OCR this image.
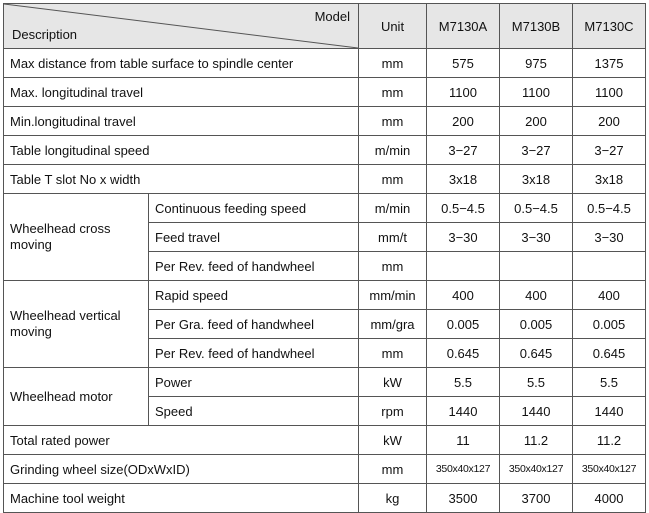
Model
Description		Unit	M7130A	M7130B	M7130C
Max distance from table surface to spindle center		mm	575	975	1375
Max. longitudinal travel		mm	1100	1100	1100
Min.longitudinal travel		mm	200	200	200
Table longitudinal speed		m/min	3−27	3−27	3−27
Table T slot No x width		mm	3x18	3x18	3x18
Wheelhead cross moving	Continuous feeding speed	m/min	0.5−4.5	0.5−4.5	0.5−4.5
	Feed travel	mm/t	3−30	3−30	3−30
	Per Rev. feed of handwheel	mm			
Wheelhead vertical moving	Rapid speed	mm/min	400	400	400
	Per Gra. feed of handwheel	mm/gra	0.005	0.005	0.005
	Per Rev. feed of handwheel	mm	0.645	0.645	0.645
Wheelhead motor	Power	kW	5.5	5.5	5.5
	Speed	rpm	1440	1440	1440
Total rated power		kW	11	11.2	11.2
Grinding wheel size(ODxWxID)		mm	350x40x127	350x40x127	350x40x127
Machine tool weight		kg	3500	3700	4000
